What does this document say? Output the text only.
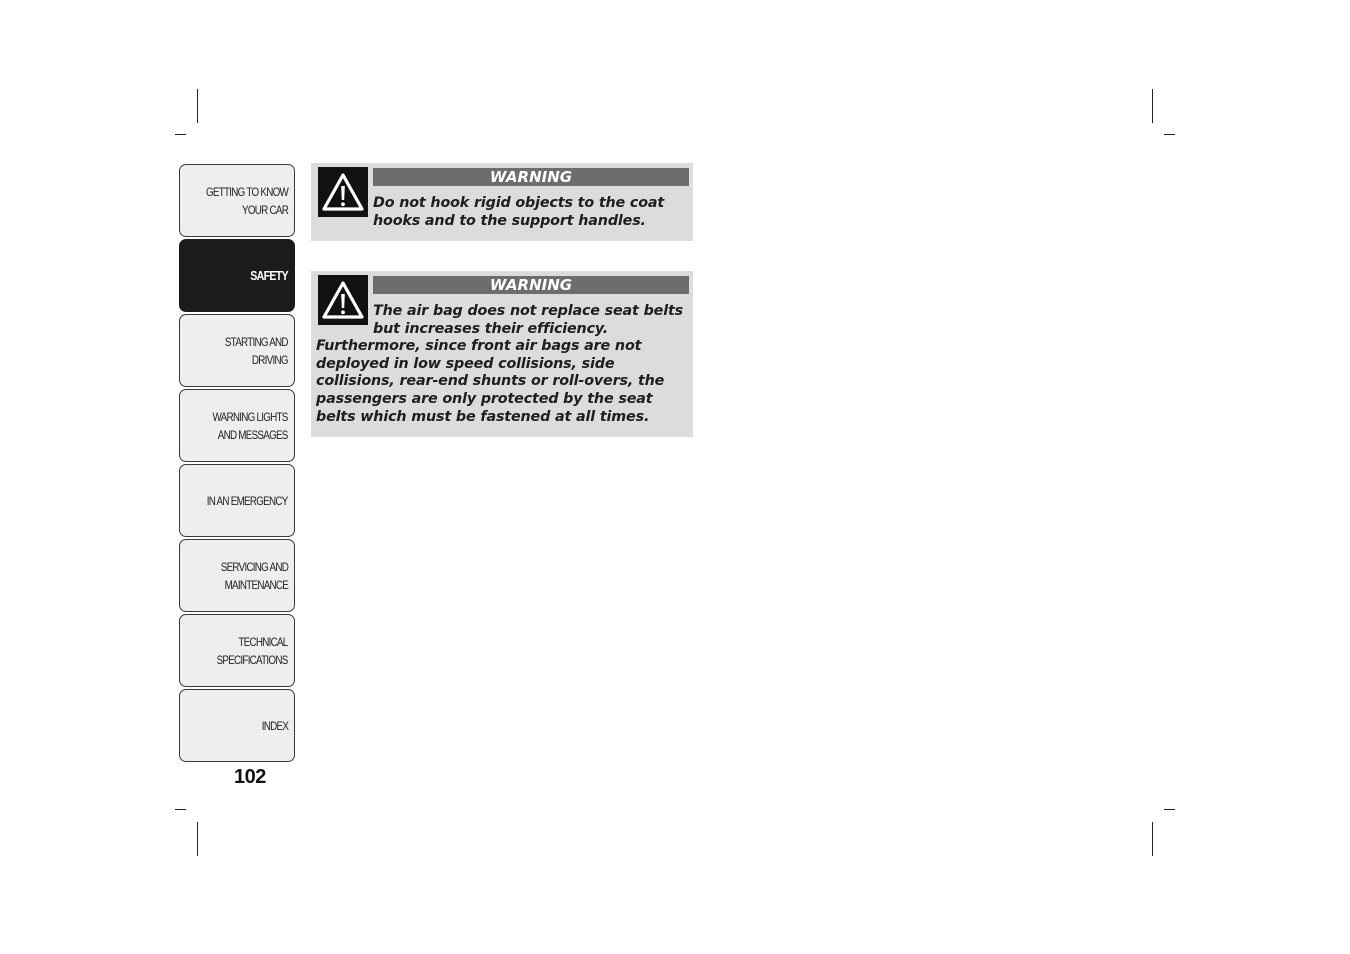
GETTING TO KNOW
YOUR CAR
SAFETY
STARTING AND
DRIVING
WARNING LIGHTS
AND MESSAGES
IN AN EMERGENCY
SERVICING AND
MAINTENANCE
TECHNICAL
SPECIFICATIONS
INDEX
102
WARNING
Do not hook rigid objects to the coat
hooks and to the support handles.
WARNING
The air bag does not replace seat belts
but increases their efficiency.
Furthermore, since front air bags are not deployed in low speed collisions, side collisions, rear-end shunts or roll-overs, the passengers are only protected by the seat belts which must be fastened at all times.
